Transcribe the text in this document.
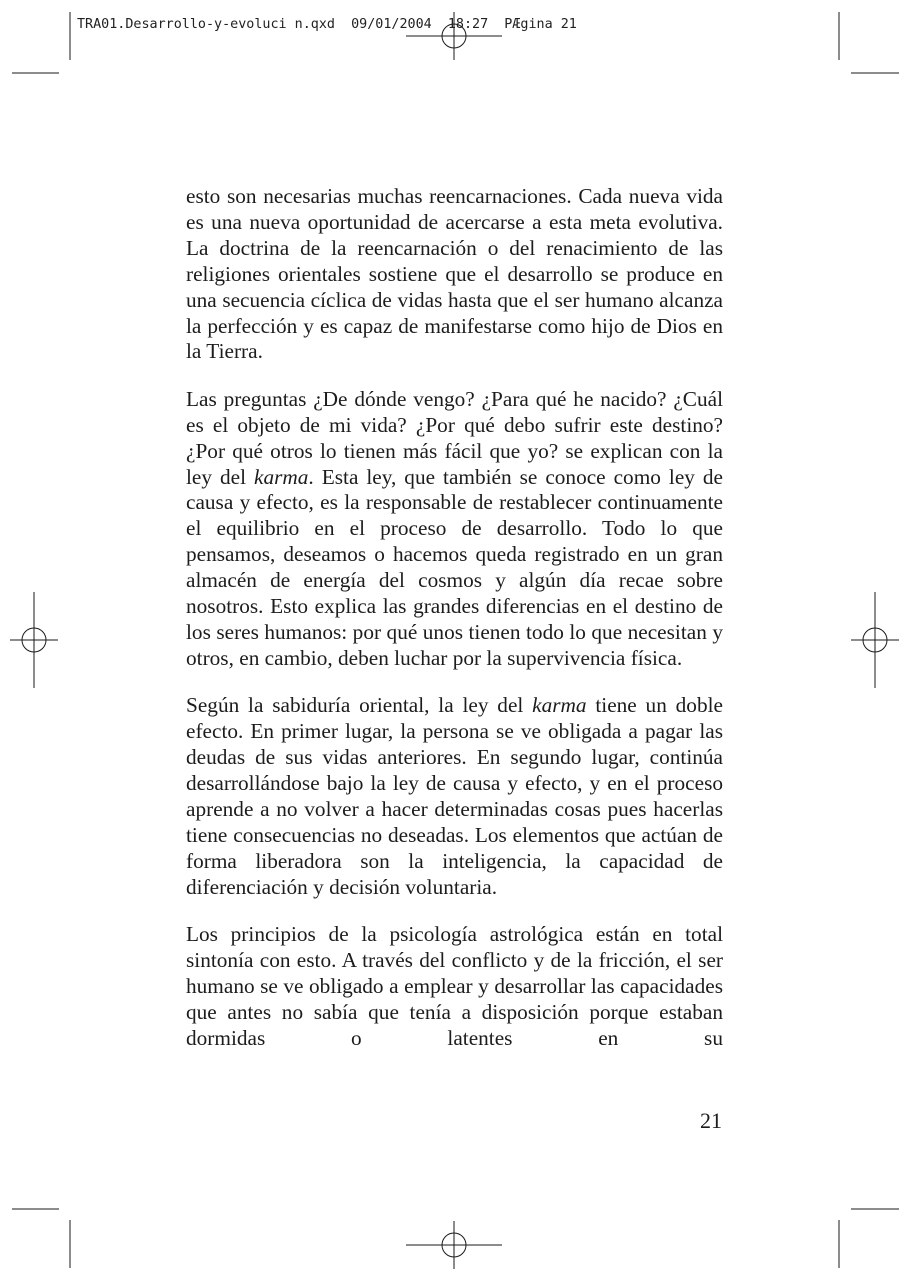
TRA01.Desarrollo-y-evoluci n.qxd  09/01/2004  18:27  PÆgina 21

esto son necesarias muchas reencarnaciones. Cada nueva vida es una nueva oportunidad de acercarse a esta meta evolutiva. La doctrina de la reencarnación o del renacimiento de las religiones orientales sostiene que el desarrollo se produce en una secuencia cíclica de vidas hasta que el ser humano alcanza la perfección y es capaz de manifestarse como hijo de Dios en la Tierra.

Las preguntas ¿De dónde vengo? ¿Para qué he nacido? ¿Cuál es el objeto de mi vida? ¿Por qué debo sufrir este destino? ¿Por qué otros lo tienen más fácil que yo? se explican con la ley del karma. Esta ley, que también se conoce como ley de causa y efecto, es la responsable de restablecer continuamente el equilibrio en el proceso de desarrollo. Todo lo que pensamos, deseamos o hacemos queda registrado en un gran almacén de energía del cosmos y algún día recae sobre nosotros. Esto explica las grandes diferencias en el destino de los seres humanos: por qué unos tienen todo lo que necesitan y otros, en cambio, deben luchar por la supervivencia física.

Según la sabiduría oriental, la ley del karma tiene un doble efecto. En primer lugar, la persona se ve obligada a pagar las deudas de sus vidas anteriores. En segundo lugar, continúa desarrollándose bajo la ley de causa y efecto, y en el proceso aprende a no volver a hacer determinadas cosas pues hacerlas tiene consecuencias no deseadas. Los elementos que actúan de forma liberadora son la inteligencia, la capacidad de diferenciación y decisión voluntaria.

Los principios de la psicología astrológica están en total sintonía con esto. A través del conflicto y de la fricción, el ser humano se ve obligado a emplear y desarrollar las capacidades que antes no sabía que tenía a disposición porque estaban dormidas o latentes en su

21
